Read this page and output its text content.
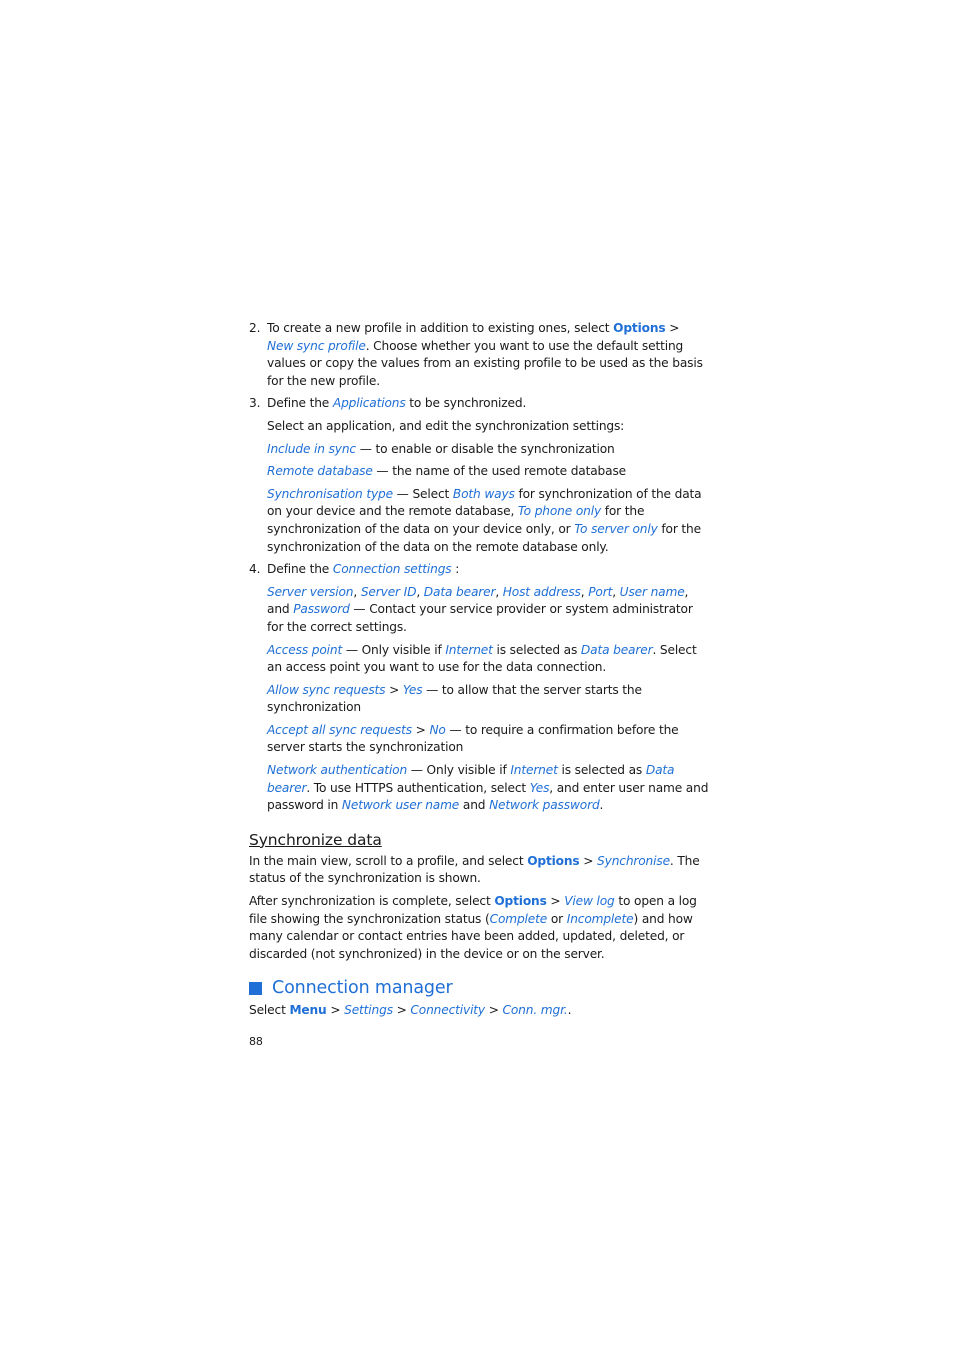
2. To create a new profile in addition to existing ones, select Options > New sync profile. Choose whether you want to use the default setting values or copy the values from an existing profile to be used as the basis for the new profile.
3. Define the Applications to be synchronized.
Select an application, and edit the synchronization settings:
Include in sync — to enable or disable the synchronization
Remote database — the name of the used remote database
Synchronisation type — Select Both ways for synchronization of the data on your device and the remote database, To phone only for the synchronization of the data on your device only, or To server only for the synchronization of the data on the remote database only.
4. Define the Connection settings :
Server version, Server ID, Data bearer, Host address, Port, User name, and Password — Contact your service provider or system administrator for the correct settings.
Access point — Only visible if Internet is selected as Data bearer. Select an access point you want to use for the data connection.
Allow sync requests > Yes — to allow that the server starts the synchronization
Accept all sync requests > No — to require a confirmation before the server starts the synchronization
Network authentication — Only visible if Internet is selected as Data bearer. To use HTTPS authentication, select Yes, and enter user name and password in Network user name and Network password.
Synchronize data
In the main view, scroll to a profile, and select Options > Synchronise. The status of the synchronization is shown.
After synchronization is complete, select Options > View log to open a log file showing the synchronization status (Complete or Incomplete) and how many calendar or contact entries have been added, updated, deleted, or discarded (not synchronized) in the device or on the server.
Connection manager
Select Menu > Settings > Connectivity > Conn. mgr..
88
